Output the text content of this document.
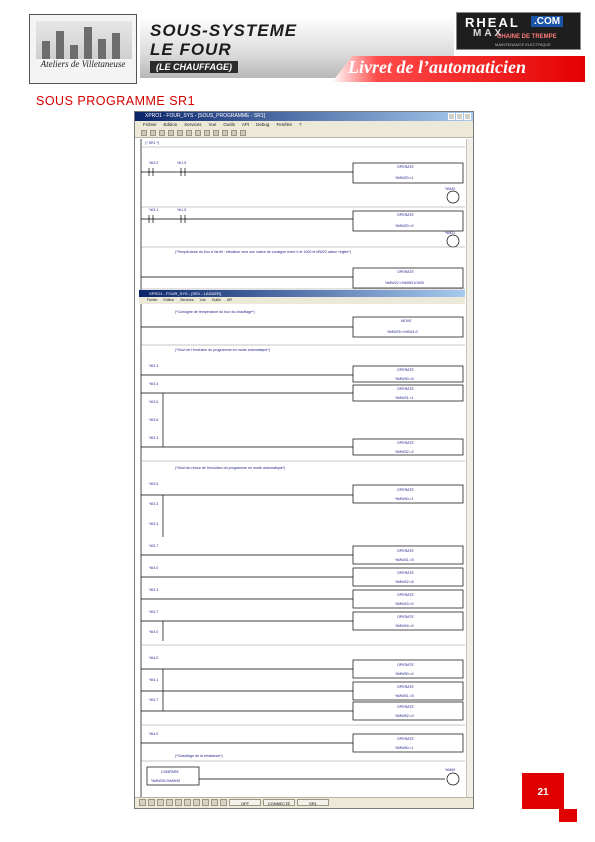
Ateliers de Villetaneuse
SOUS-SYSTEME
LE FOUR
(LE CHAUFFAGE)
RHEAL
MAX
.COM
CHAINE DE TREMPE
MAINTENANCE ELECTRIQUE
Livret de l’automaticien
SOUS PROGRAMME SR1
XPRO1 - FOUR_SYS - [SOUS_PROGRAMME - SR1]
Fichier Edition Services Vue Outils API Debug Fenêtre ?
(* SR1 *)
%I3.2	%I1.5
OPERATE
%MW20:=1
%M20
%I3.1	%I1.5
OPERATE
%MW20:=0
%M21
(*Température du four à l'arrêt : élévation vers une valeur de consigne entre 0 et 1000 et MW22 valeur réglée*)
OPERATE
%MW22:=%MW21/1000
(*Consigne de température du four du chauffage*)
MOVE
%MW25:=%KW1:0
(*Suivi de l'évolution du programme en mode automatique*)
%I3.3
%I3.4
%I3.5
%I3.6
%I3.3
OPERATE
%MW30:=5
OPERATE
%MW31:=1
OPERATE
%MW32:=2
(*Suivi du retour de l'évolution du programme en mode automatique*)
%I3.5
%I3.3
%I3.4
%I3.7
%I4.0
%I3.3
%I3.7
%I4.0
OPERATE
%MW40:=1
OPERATE
%MW41:=5
OPERATE
%MW42:=6
OPERATE
%MW43:=0
OPERATE
%MW44:=0
%I4.0
%I4.1
%I3.7
OPERATE
%MW50:=4
OPERATE
%MW51:=5
OPERATE
%MW52:=0
%I4.0
OPERATE
%MW60:=1
(*Chauffage de la résistance*)
COMPARE
%MW25=%MW40
%M60
XPRO1 - FOUR_SYS - [SR1 - LADDER]
Fichier Edition Services Vue Outils API
OFF	CONNECTÉ	SR1
21
